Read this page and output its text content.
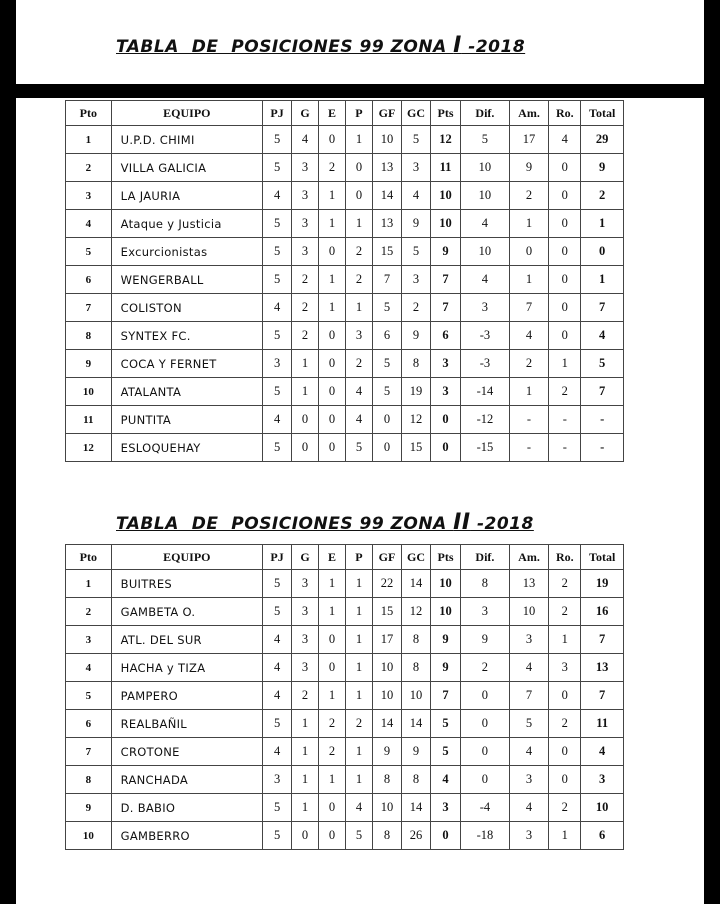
TABLA  DE  POSICIONES 99 ZONA I -2018
Pto	EQUIPO	PJ	G	E	P	GF	GC	Pts	Dif.	Am.	Ro.	Total
1	U.P.D. CHIMI	5	4	0	1	10	5	12	5	17	4	29
2	VILLA GALICIA	5	3	2	0	13	3	11	10	9	0	9
3	LA JAURIA	4	3	1	0	14	4	10	10	2	0	2
4	Ataque y Justicia	5	3	1	1	13	9	10	4	1	0	1
5	Excurcionistas	5	3	0	2	15	5	9	10	0	0	0
6	WENGERBALL	5	2	1	2	7	3	7	4	1	0	1
7	COLISTON	4	2	1	1	5	2	7	3	7	0	7
8	SYNTEX FC.	5	2	0	3	6	9	6	-3	4	0	4
9	COCA Y FERNET	3	1	0	2	5	8	3	-3	2	1	5
10	ATALANTA	5	1	0	4	5	19	3	-14	1	2	7
11	PUNTITA	4	0	0	4	0	12	0	-12	-	-	-
12	ESLOQUEHAY	5	0	0	5	0	15	0	-15	-	-	-
TABLA  DE  POSICIONES 99 ZONA II -2018
Pto	EQUIPO	PJ	G	E	P	GF	GC	Pts	Dif.	Am.	Ro.	Total
1	BUITRES	5	3	1	1	22	14	10	8	13	2	19
2	GAMBETA O.	5	3	1	1	15	12	10	3	10	2	16
3	ATL. DEL SUR	4	3	0	1	17	8	9	9	3	1	7
4	HACHA y TIZA	4	3	0	1	10	8	9	2	4	3	13
5	PAMPERO	4	2	1	1	10	10	7	0	7	0	7
6	REALBAÑIL	5	1	2	2	14	14	5	0	5	2	11
7	CROTONE	4	1	2	1	9	9	5	0	4	0	4
8	RANCHADA	3	1	1	1	8	8	4	0	3	0	3
9	D. BABIO	5	1	0	4	10	14	3	-4	4	2	10
10	GAMBERRO	5	0	0	5	8	26	0	-18	3	1	6
